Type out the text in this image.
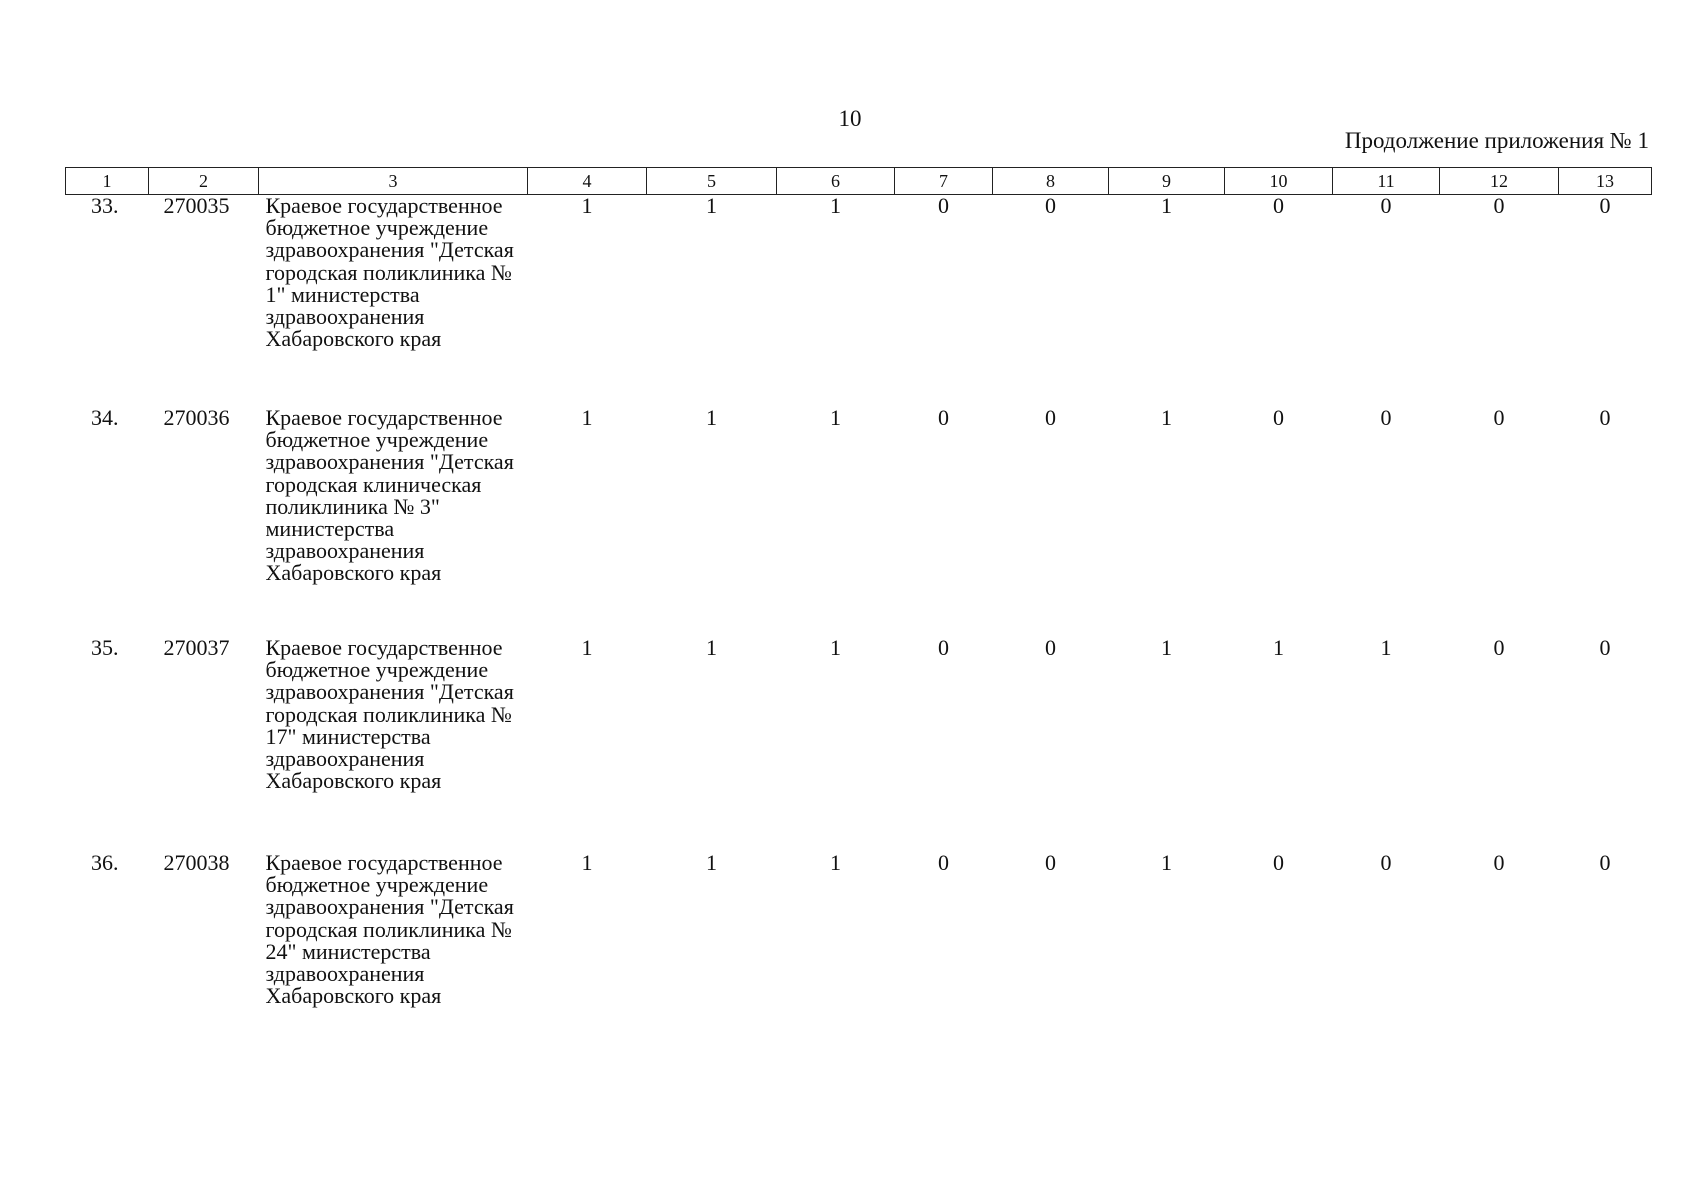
10
Продолжение приложения № 1
1	2	3	4	5	6	7	8	9	10	11	12	13
33.	270035	Краевое государственное бюджетное учреждение здравоохранения "Детская городская поликлиника № 1" министерства здравоохранения Хабаровского края	1	1	1	0	0	1	0	0	0	0
34.	270036	Краевое государственное бюджетное учреждение здравоохранения "Детская городская клиническая поликлиника № 3" министерства здравоохранения Хабаровского края	1	1	1	0	0	1	0	0	0	0
35.	270037	Краевое государственное бюджетное учреждение здравоохранения "Детская городская поликлиника № 17" министерства здравоохранения Хабаровского края	1	1	1	0	0	1	1	1	0	0
36.	270038	Краевое государственное бюджетное учреждение здравоохранения "Детская городская поликлиника № 24" министерства здравоохранения Хабаровского края	1	1	1	0	0	1	0	0	0	0
